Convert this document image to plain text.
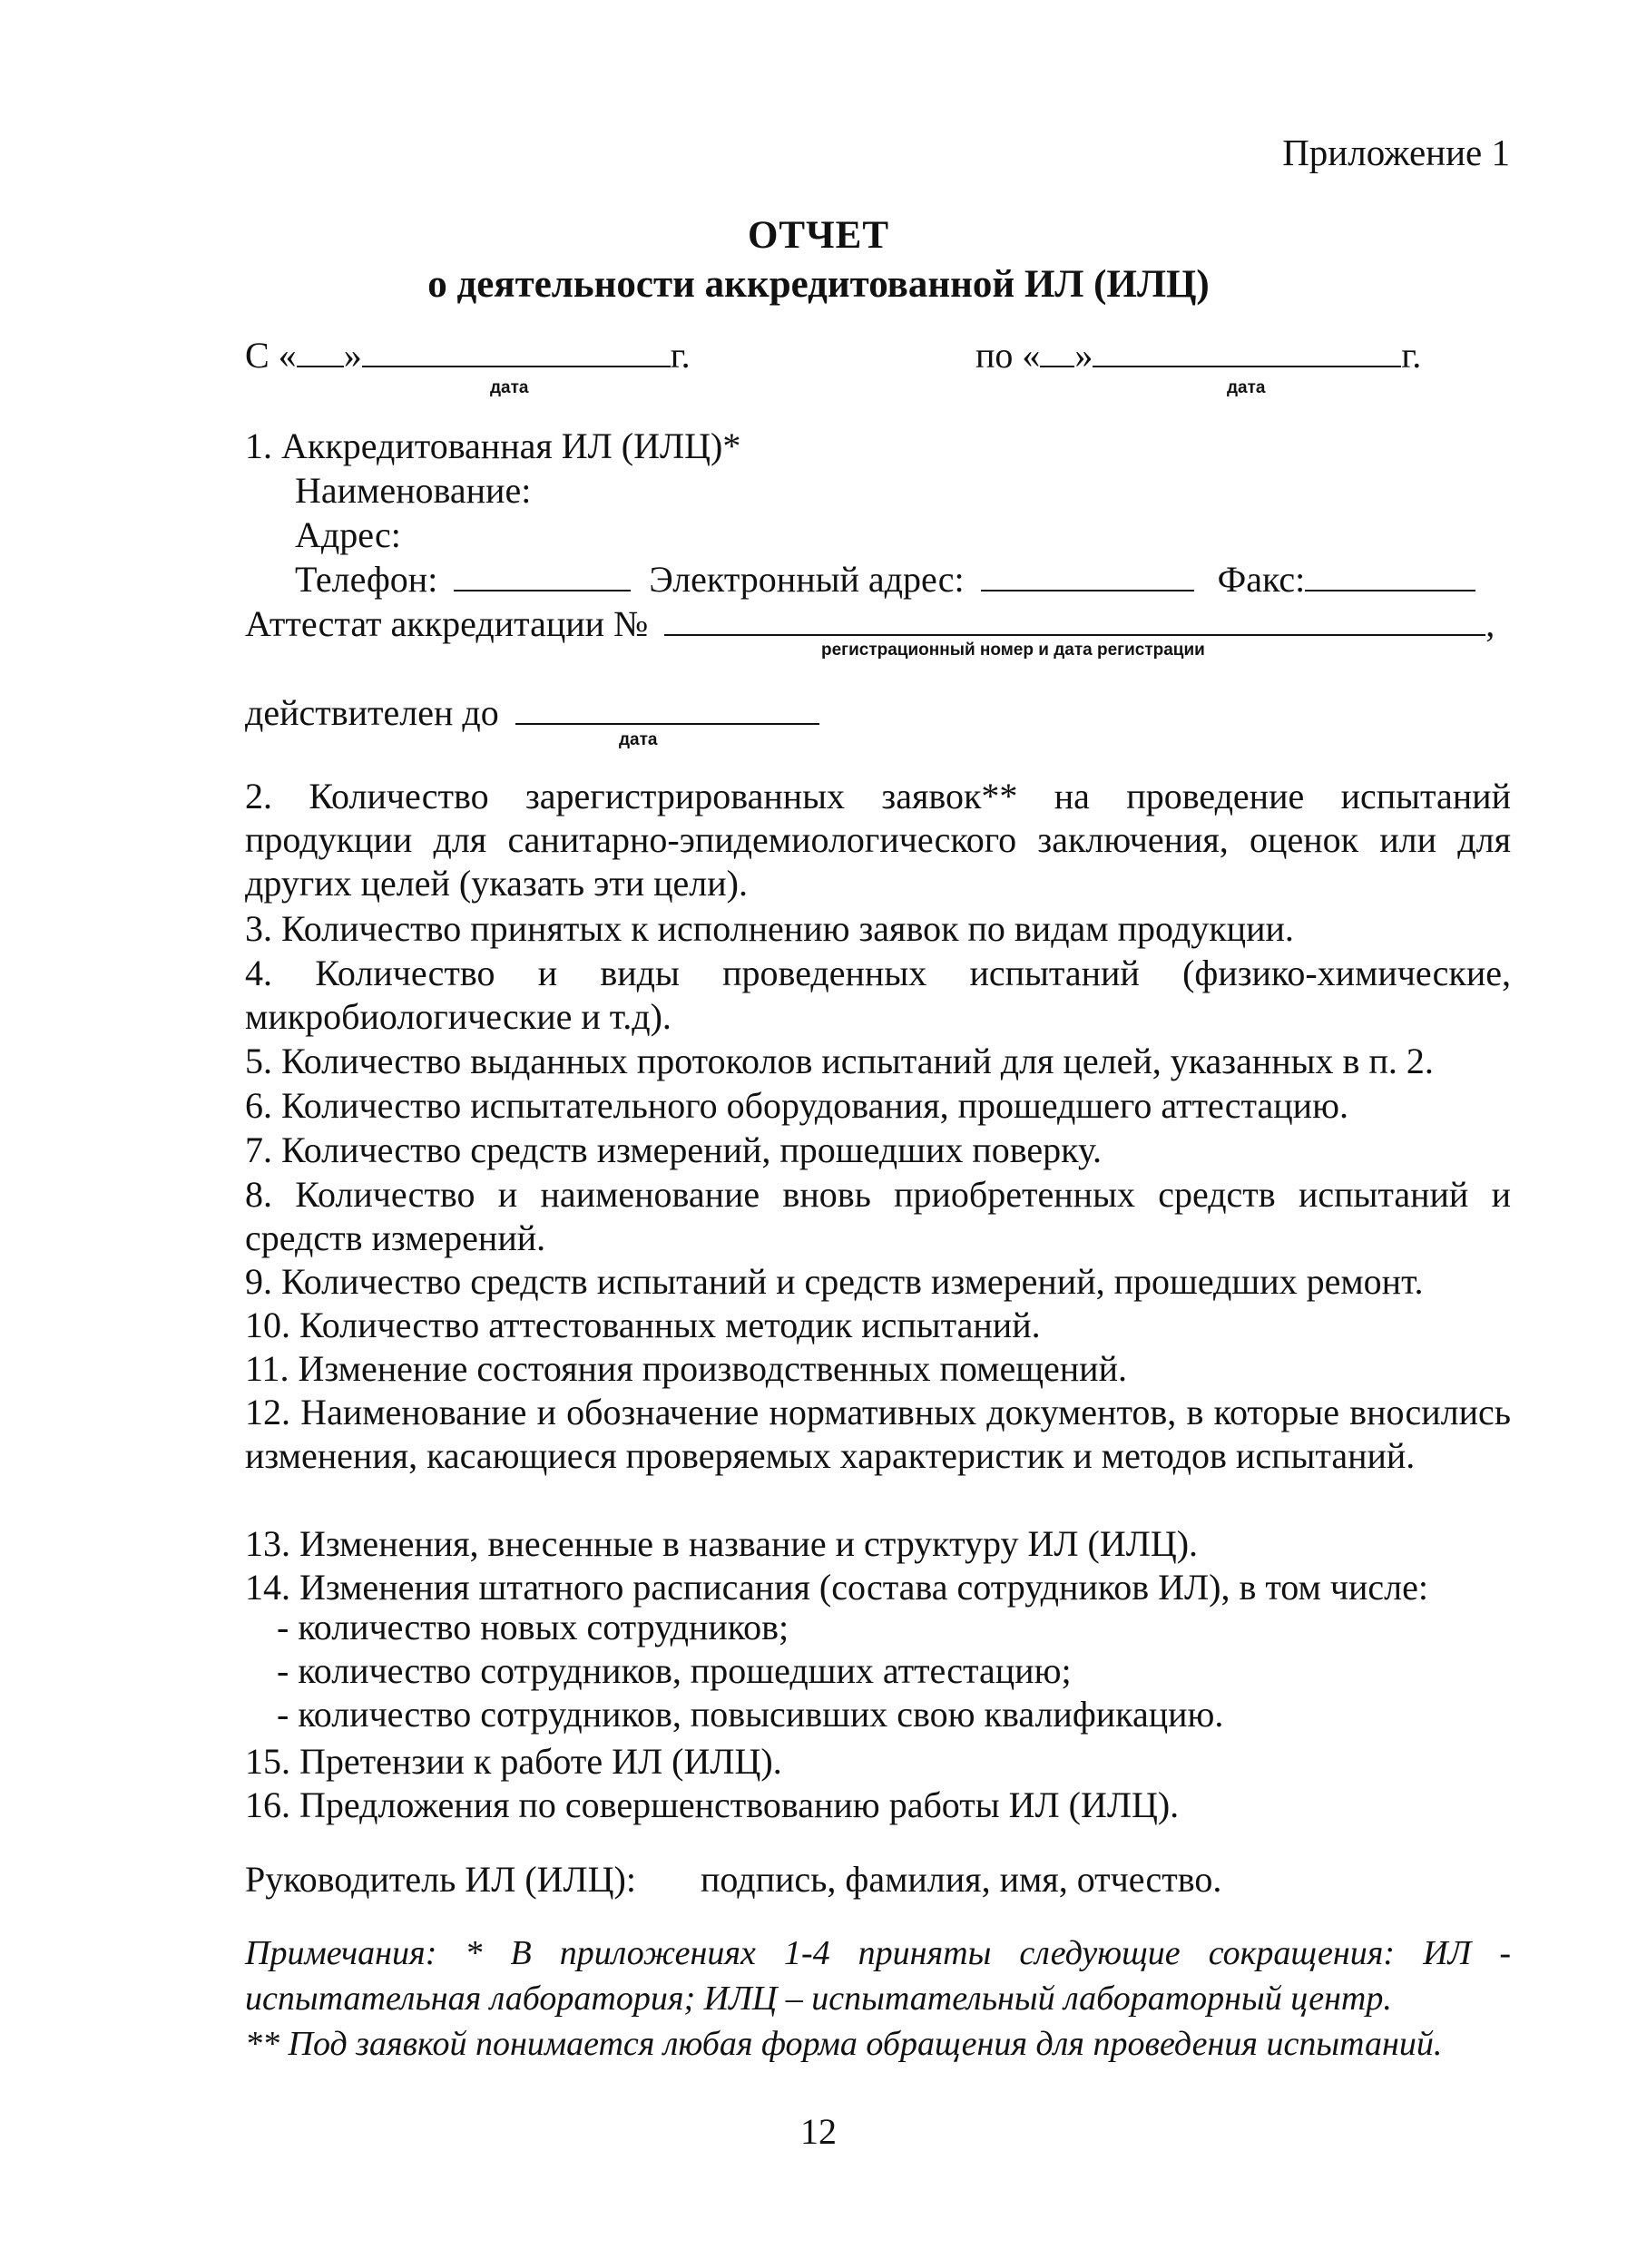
Приложение 1
ОТЧЕТ
о деятельности аккредитованной ИЛ (ИЛЦ)
С « »	г.
дата
по « »	г.
дата
1. Аккредитованная ИЛ (ИЛЦ)*
Наименование:
Адрес:
Телефон:	Электронный адрес:	Факс:
Аттестат аккредитации №	,
регистрационный номер и дата регистрации
действителен до
дата
2. Количество зарегистрированных заявок** на проведение испытаний продукции для санитарно-эпидемиологического заключения, оценок или для других целей (указать эти цели).
3. Количество принятых к исполнению заявок по видам продукции.
4. Количество и виды проведенных испытаний (физико-химические, микробиологические и т.д).
5. Количество выданных протоколов испытаний для целей, указанных в п. 2.
6. Количество испытательного оборудования, прошедшего аттестацию.
7. Количество средств измерений, прошедших поверку.
8. Количество и наименование вновь приобретенных средств испытаний и средств измерений.
9. Количество средств испытаний и средств измерений, прошедших ремонт.
10. Количество аттестованных методик испытаний.
11. Изменение состояния производственных помещений.
12. Наименование и обозначение нормативных документов, в которые вносились изменения, касающиеся проверяемых характеристик и методов испытаний.
13. Изменения, внесенные в название и структуру ИЛ (ИЛЦ).
14. Изменения штатного расписания (состава сотрудников ИЛ), в том числе:
- количество новых сотрудников;
- количество сотрудников, прошедших аттестацию;
- количество сотрудников, повысивших свою квалификацию.
15. Претензии к работе ИЛ (ИЛЦ).
16. Предложения по совершенствованию работы ИЛ (ИЛЦ).
Руководитель ИЛ (ИЛЦ): подпись, фамилия, имя, отчество.
Примечания: * В приложениях 1-4 приняты следующие сокращения: ИЛ - испытательная лаборатория; ИЛЦ – испытательный лабораторный центр.
** Под заявкой понимается любая форма обращения для проведения испытаний.
12
